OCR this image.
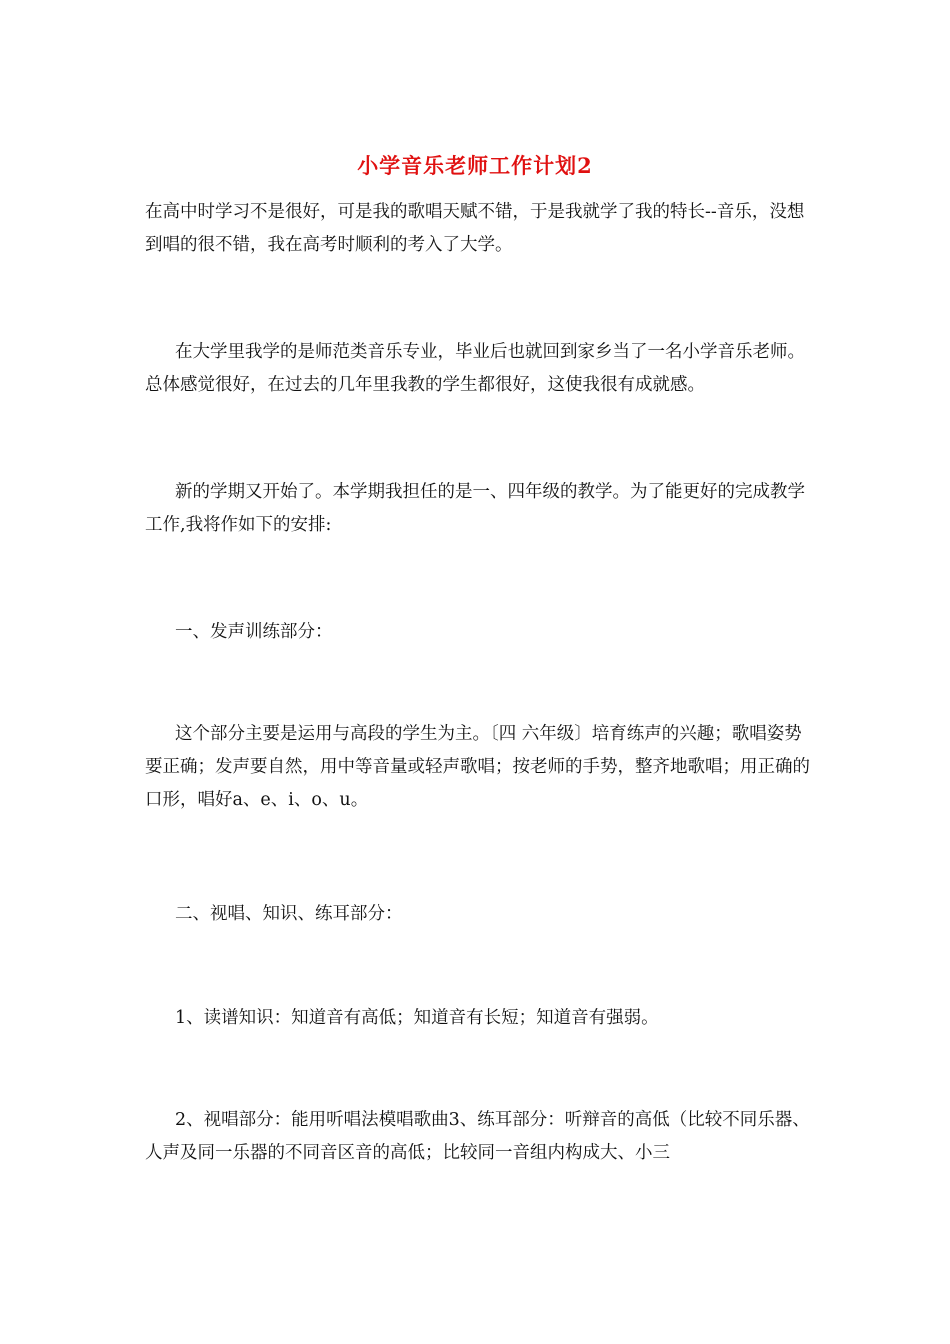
小学音乐老师工作计划2

在高中时学习不是很好，可是我的歌唱天赋不错，于是我就学了我的特长--音乐，没想到唱的很不错，我在高考时顺利的考入了大学。

在大学里我学的是师范类音乐专业，毕业后也就回到家乡当了一名小学音乐老师。总体感觉很好，在过去的几年里我教的学生都很好，这使我很有成就感。

新的学期又开始了。本学期我担任的是一、四年级的教学。为了能更好的完成教学工作,我将作如下的安排:

一、发声训练部分：

这个部分主要是运用与高段的学生为主。〔四 六年级〕培育练声的兴趣；歌唱姿势要正确；发声要自然，用中等音量或轻声歌唱；按老师的手势，整齐地歌唱；用正确的口形，唱好a、e、i、o、u。

二、视唱、知识、练耳部分：

1、读谱知识：知道音有高低；知道音有长短；知道音有强弱。

2、视唱部分：能用听唱法模唱歌曲3、练耳部分：听辩音的高低（比较不同乐器、人声及同一乐器的不同音区音的高低；比较同一音组内构成大、小三
